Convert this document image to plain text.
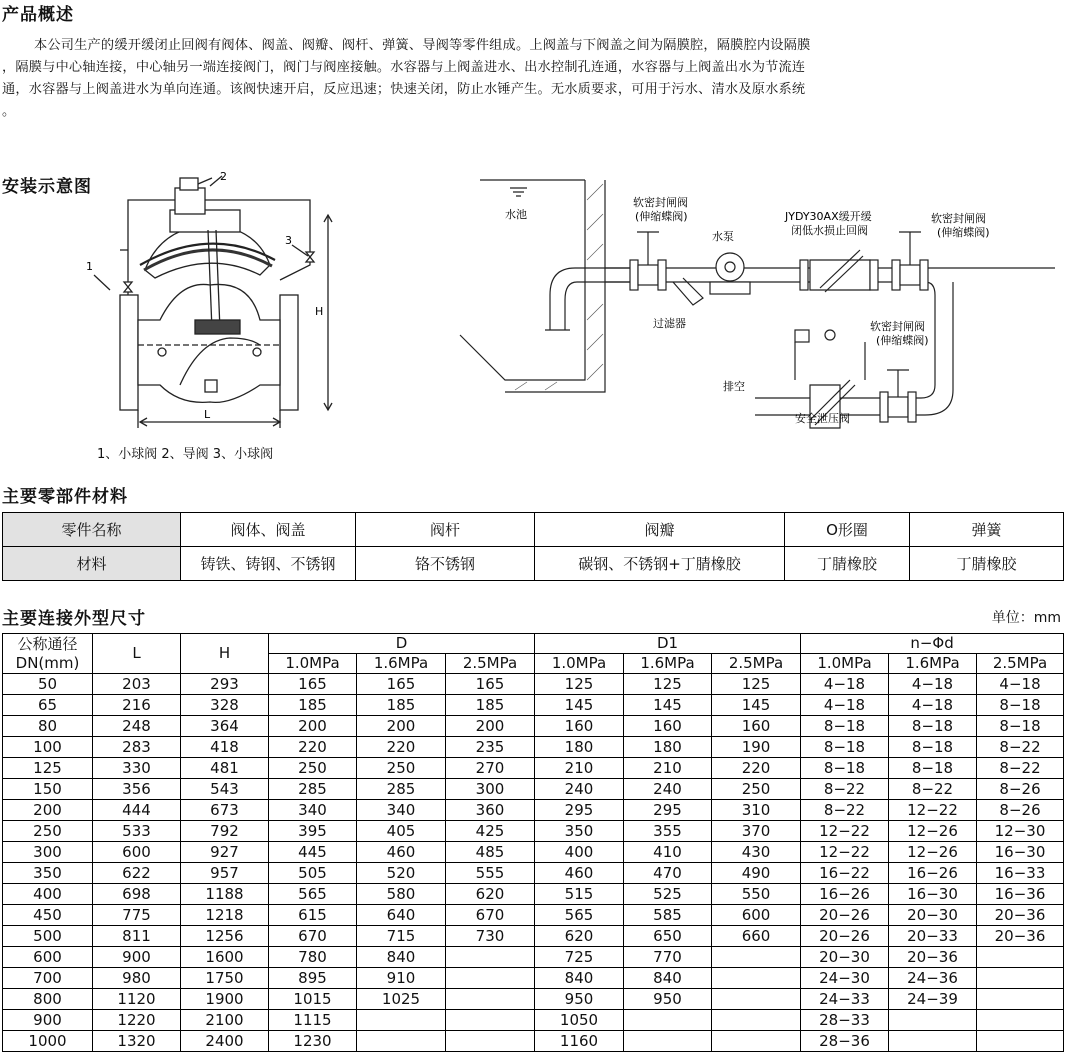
产品概述

本公司生产的缓开缓闭止回阀有阀体、阀盖、阀瓣、阀杆、弹簧、导阀等零件组成。上阀盖与下阀盖之间为隔膜腔，隔膜腔内设隔膜

，隔膜与中心轴连接，中心轴另一端连接阀门，阀门与阀座接触。水容器与上阀盖进水、出水控制孔连通，水容器与上阀盖出水为节流连

通，水容器与上阀盖进水为单向连通。该阀快速开启，反应迅速；快速关闭，防止水锤产生。无水质要求，可用于污水、清水及原水系统

。

安装示意图
1
2
3
H
L
1、小球阀 2、导阀 3、小球阀
水池
软密封闸阀
(伸缩蝶阀)
水泵
过滤器
JYDY30AX缓开缓
闭低水损止回阀
软密封闸阀
(伸缩蝶阀)
软密封闸阀
(伸缩蝶阀)
排空
安全泄压阀
主要零部件材料
零件名称	阀体、阀盖	阀杆	阀瓣	O形圈	弹簧
材料	铸铁、铸钢、不锈钢	铬不锈钢	碳钢、不锈钢+丁腈橡胶	丁腈橡胶	丁腈橡胶
主要连接外型尺寸	单位：mm
公称通径
DN(mm)	L	H	D			D1			n−Φd		
			1.0MPa	1.6MPa	2.5MPa	1.0MPa	1.6MPa	2.5MPa	1.0MPa	1.6MPa	2.5MPa
50	203	293	165	165	165	125	125	125	4−18	4−18	4−18
65	216	328	185	185	185	145	145	145	4−18	4−18	8−18
80	248	364	200	200	200	160	160	160	8−18	8−18	8−18
100	283	418	220	220	235	180	180	190	8−18	8−18	8−22
125	330	481	250	250	270	210	210	220	8−18	8−18	8−22
150	356	543	285	285	300	240	240	250	8−22	8−22	8−26
200	444	673	340	340	360	295	295	310	8−22	12−22	8−26
250	533	792	395	405	425	350	355	370	12−22	12−26	12−30
300	600	927	445	460	485	400	410	430	12−22	12−26	16−30
350	622	957	505	520	555	460	470	490	16−22	16−26	16−33
400	698	1188	565	580	620	515	525	550	16−26	16−30	16−36
450	775	1218	615	640	670	565	585	600	20−26	20−30	20−36
500	811	1256	670	715	730	620	650	660	20−26	20−33	20−36
600	900	1600	780	840		725	770		20−30	20−36	
700	980	1750	895	910		840	840		24−30	24−36	
800	1120	1900	1015	1025		950	950		24−33	24−39	
900	1220	2100	1115			1050			28−33		
1000	1320	2400	1230			1160			28−36		
